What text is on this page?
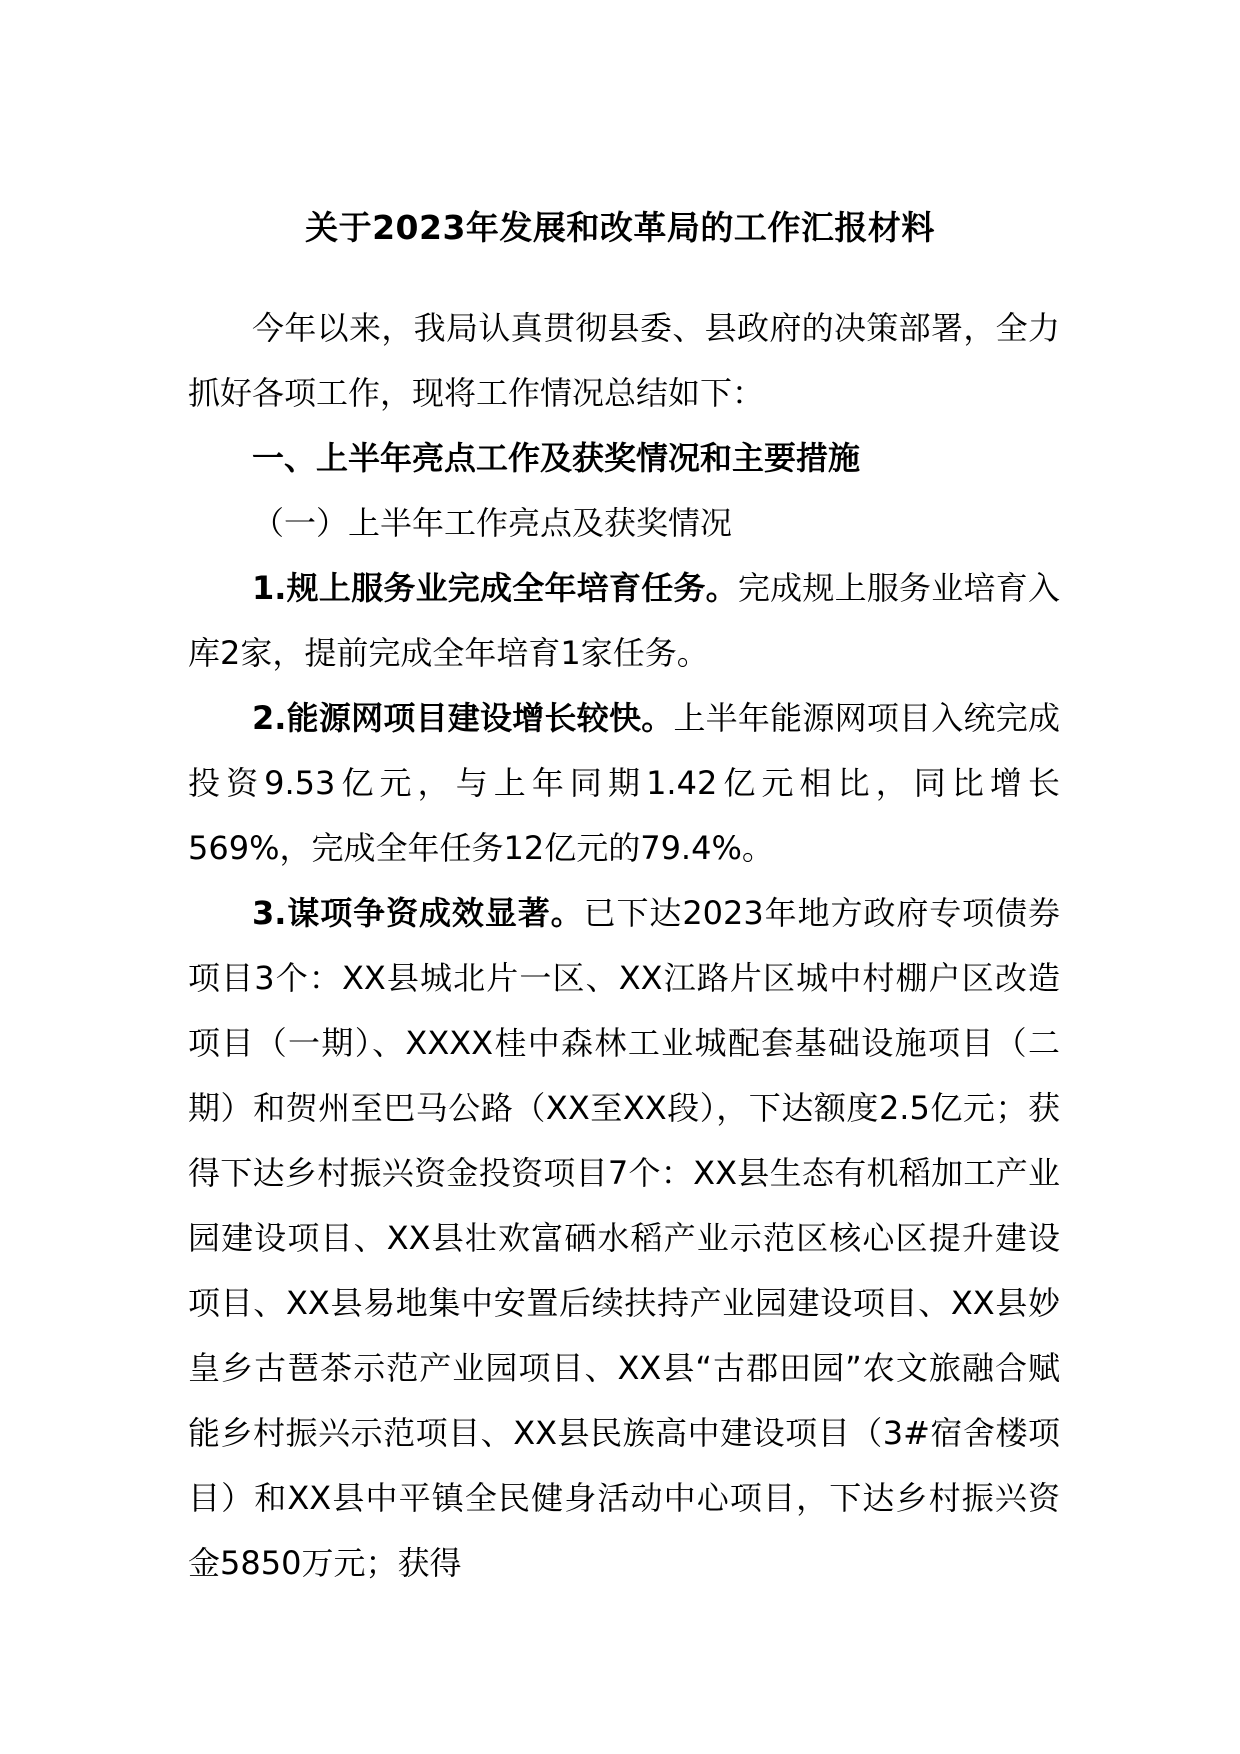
关于2023年发展和改革局的工作汇报材料

今年以来，我局认真贯彻县委、县政府的决策部署，全力抓好各项工作，现将工作情况总结如下：

一、上半年亮点工作及获奖情况和主要措施

（一）上半年工作亮点及获奖情况

1.规上服务业完成全年培育任务。完成规上服务业培育入库2家，提前完成全年培育1家任务。

2.能源网项目建设增长较快。上半年能源网项目入统完成投资9.53亿元，与上年同期1.42亿元相比，同比增长569%，完成全年任务12亿元的79.4%。

3.谋项争资成效显著。已下达2023年地方政府专项债券项目3个：XX县城北片一区、XX江路片区城中村棚户区改造项目（一期）、XXXX桂中森林工业城配套基础设施项目（二期）和贺州至巴马公路（XX至XX段），下达额度2.5亿元；获得下达乡村振兴资金投资项目7个：XX县生态有机稻加工产业园建设项目、XX县壮欢富硒水稻产业示范区核心区提升建设项目、XX县易地集中安置后续扶持产业园建设项目、XX县妙皇乡古琶茶示范产业园项目、XX县“古郡田园”农文旅融合赋能乡村振兴示范项目、XX县民族高中建设项目（3#宿舍楼项目）和XX县中平镇全民健身活动中心项目，下达乡村振兴资金5850万元；获得
